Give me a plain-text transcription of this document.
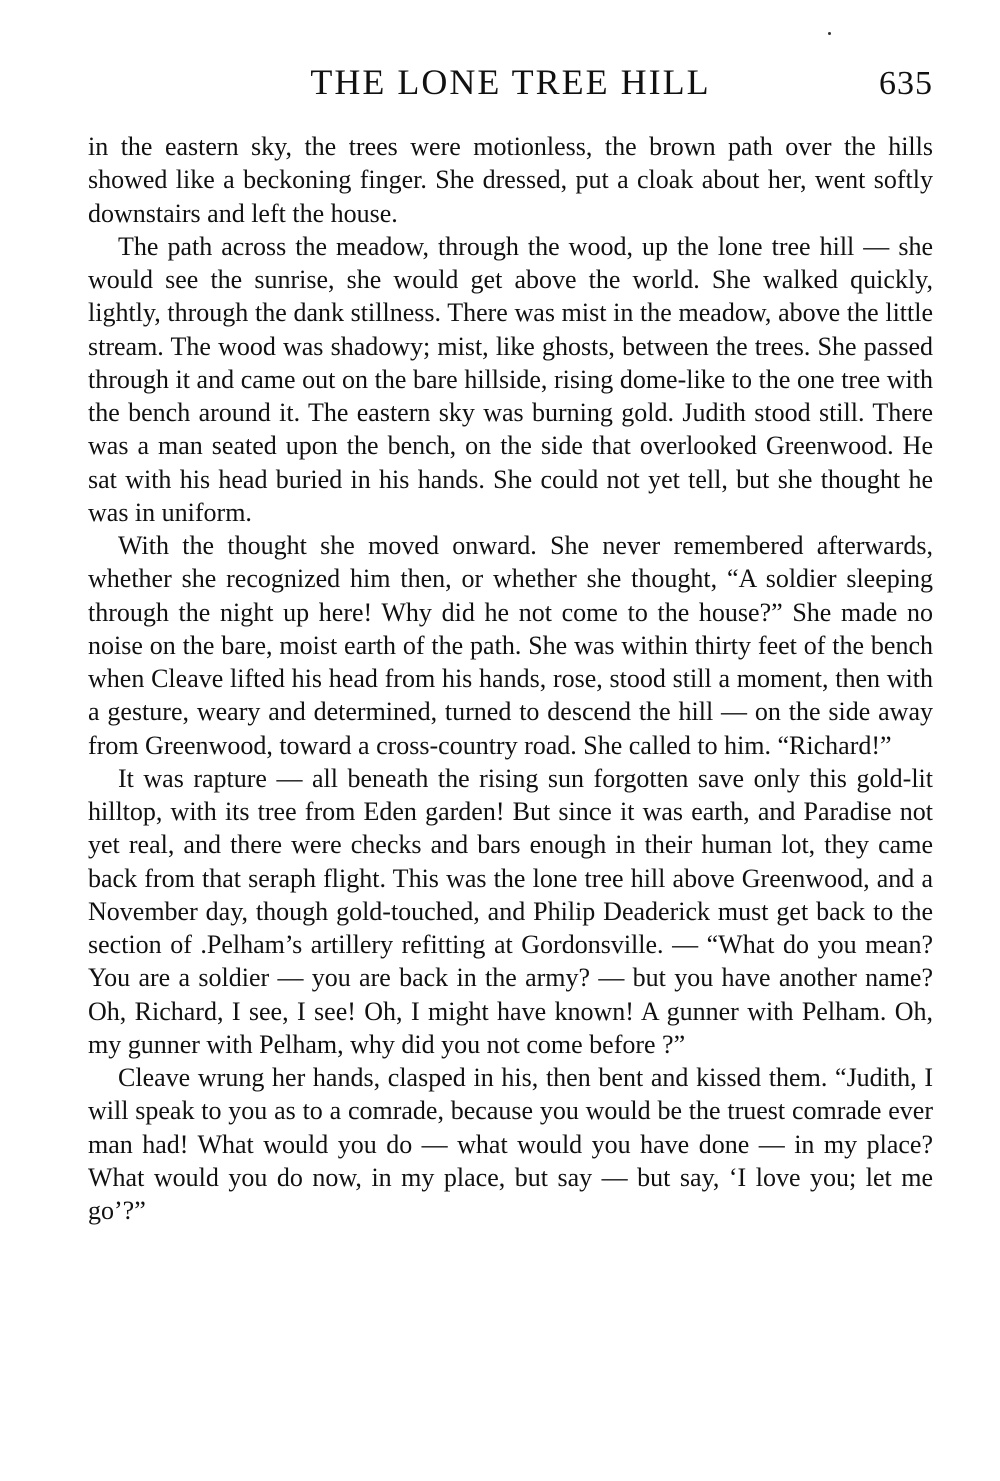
THE LONE TREE HILL	635

in the eastern sky, the trees were motionless, the brown path over the hills showed like a beckoning finger. She dressed, put a cloak about her, went softly downstairs and left the house.

The path across the meadow, through the wood, up the lone tree hill — she would see the sunrise, she would get above the world. She walked quickly, lightly, through the dank stillness. There was mist in the meadow, above the little stream. The wood was shadowy; mist, like ghosts, between the trees. She passed through it and came out on the bare hillside, rising dome-like to the one tree with the bench around it. The eastern sky was burning gold. Judith stood still. There was a man seated upon the bench, on the side that overlooked Greenwood. He sat with his head buried in his hands. She could not yet tell, but she thought he was in uniform.

With the thought she moved onward. She never remembered afterwards, whether she recognized him then, or whether she thought, “A soldier sleeping through the night up here! Why did he not come to the house?” She made no noise on the bare, moist earth of the path. She was within thirty feet of the bench when Cleave lifted his head from his hands, rose, stood still a moment, then with a gesture, weary and determined, turned to descend the hill — on the side away from Greenwood, toward a cross-country road. She called to him. “Richard!”

It was rapture — all beneath the rising sun forgotten save only this gold-lit hilltop, with its tree from Eden garden! But since it was earth, and Paradise not yet real, and there were checks and bars enough in their human lot, they came back from that seraph flight. This was the lone tree hill above Greenwood, and a November day, though gold-touched, and Philip Deaderick must get back to the section of .Pelham’s artillery refitting at Gordonsville. — “What do you mean? You are a soldier — you are back in the army? — but you have another name? Oh, Richard, I see, I see! Oh, I might have known! A gunner with Pelham. Oh, my gunner with Pelham, why did you not come before ?”

Cleave wrung her hands, clasped in his, then bent and kissed them. “Judith, I will speak to you as to a comrade, because you would be the truest comrade ever man had! What would you do — what would you have done — in my place? What would you do now, in my place, but say — but say, ‘I love you; let me go’?”
